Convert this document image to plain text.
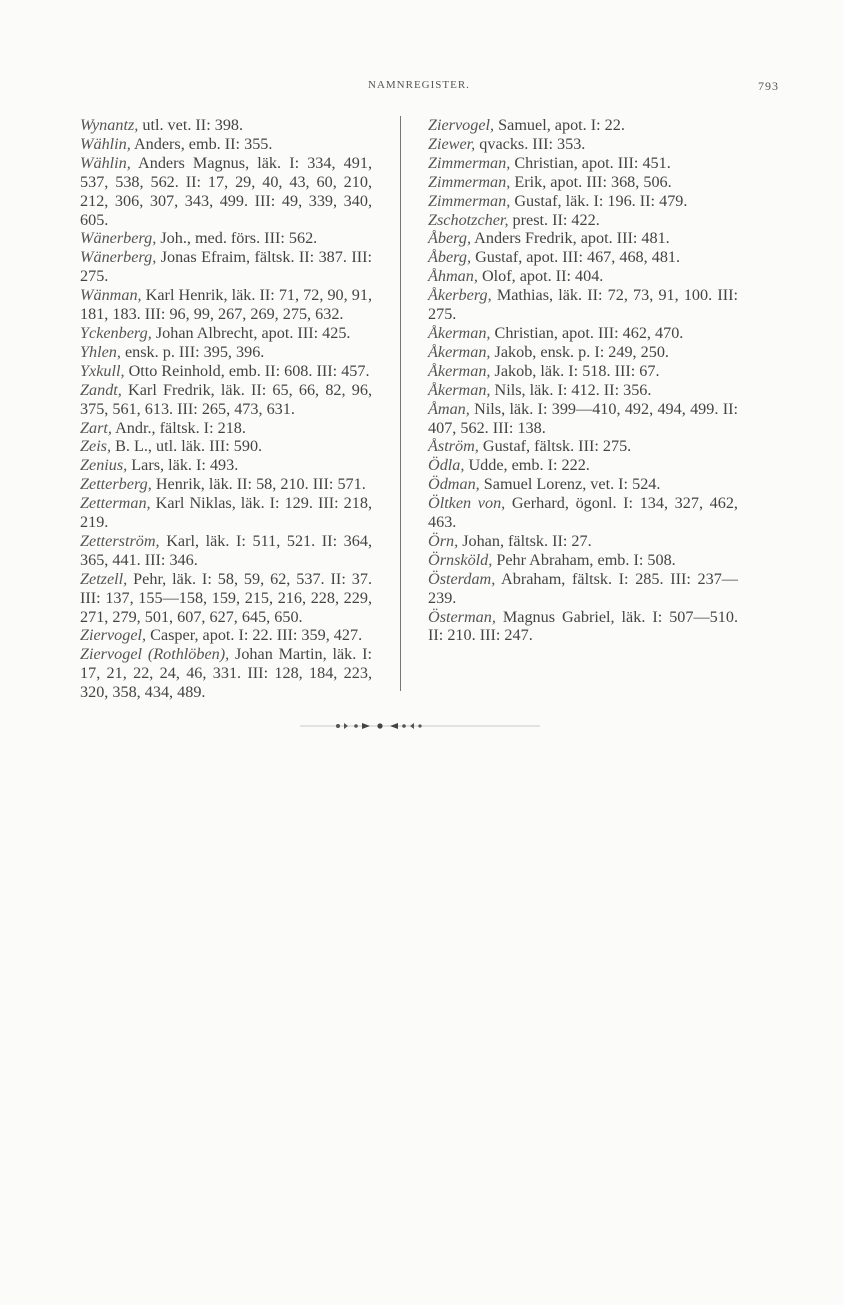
NAMNREGISTER.	793
Wynantz, utl. vet. II: 398.
Wählin, Anders, emb. II: 355.
Wählin, Anders Magnus, läk. I: 334, 491, 537, 538, 562. II: 17, 29, 40, 43, 60, 210, 212, 306, 307, 343, 499. III: 49, 339, 340, 605.
Wänerberg, Joh., med. förs. III: 562.
Wänerberg, Jonas Efraim, fältsk. II: 387. III: 275.
Wänman, Karl Henrik, läk. II: 71, 72, 90, 91, 181, 183. III: 96, 99, 267, 269, 275, 632.
Yckenberg, Johan Albrecht, apot. III: 425.
Yhlen, ensk. p. III: 395, 396.
Yxkull, Otto Reinhold, emb. II: 608. III: 457.
Zandt, Karl Fredrik, läk. II: 65, 66, 82, 96, 375, 561, 613. III: 265, 473, 631.
Zart, Andr., fältsk. I: 218.
Zeis, B. L., utl. läk. III: 590.
Zenius, Lars, läk. I: 493.
Zetterberg, Henrik, läk. II: 58, 210. III: 571.
Zetterman, Karl Niklas, läk. I: 129. III: 218, 219.
Zetterström, Karl, läk. I: 511, 521. II: 364, 365, 441. III: 346.
Zetzell, Pehr, läk. I: 58, 59, 62, 537. II: 37. III: 137, 155—158, 159, 215, 216, 228, 229, 271, 279, 501, 607, 627, 645, 650.
Ziervogel, Casper, apot. I: 22. III: 359, 427.
Ziervogel (Rothlöben), Johan Martin, läk. I: 17, 21, 22, 24, 46, 331. III: 128, 184, 223, 320, 358, 434, 489.
Ziervogel, Samuel, apot. I: 22.
Ziewer, qvacks. III: 353.
Zimmerman, Christian, apot. III: 451.
Zimmerman, Erik, apot. III: 368, 506.
Zimmerman, Gustaf, läk. I: 196. II: 479.
Zschotzcher, prest. II: 422.
Åberg, Anders Fredrik, apot. III: 481.
Åberg, Gustaf, apot. III: 467, 468, 481.
Åhman, Olof, apot. II: 404.
Åkerberg, Mathias, läk. II: 72, 73, 91, 100. III: 275.
Åkerman, Christian, apot. III: 462, 470.
Åkerman, Jakob, ensk. p. I: 249, 250.
Åkerman, Jakob, läk. I: 518. III: 67.
Åkerman, Nils, läk. I: 412. II: 356.
Åman, Nils, läk. I: 399—410, 492, 494, 499. II: 407, 562. III: 138.
Åström, Gustaf, fältsk. III: 275.
Ödla, Udde, emb. I: 222.
Ödman, Samuel Lorenz, vet. I: 524.
Öltken von, Gerhard, ögonl. I: 134, 327, 462, 463.
Örn, Johan, fältsk. II: 27.
Örnsköld, Pehr Abraham, emb. I: 508.
Österdam, Abraham, fältsk. I: 285. III: 237—239.
Österman, Magnus Gabriel, läk. I: 507—510. II: 210. III: 247.
